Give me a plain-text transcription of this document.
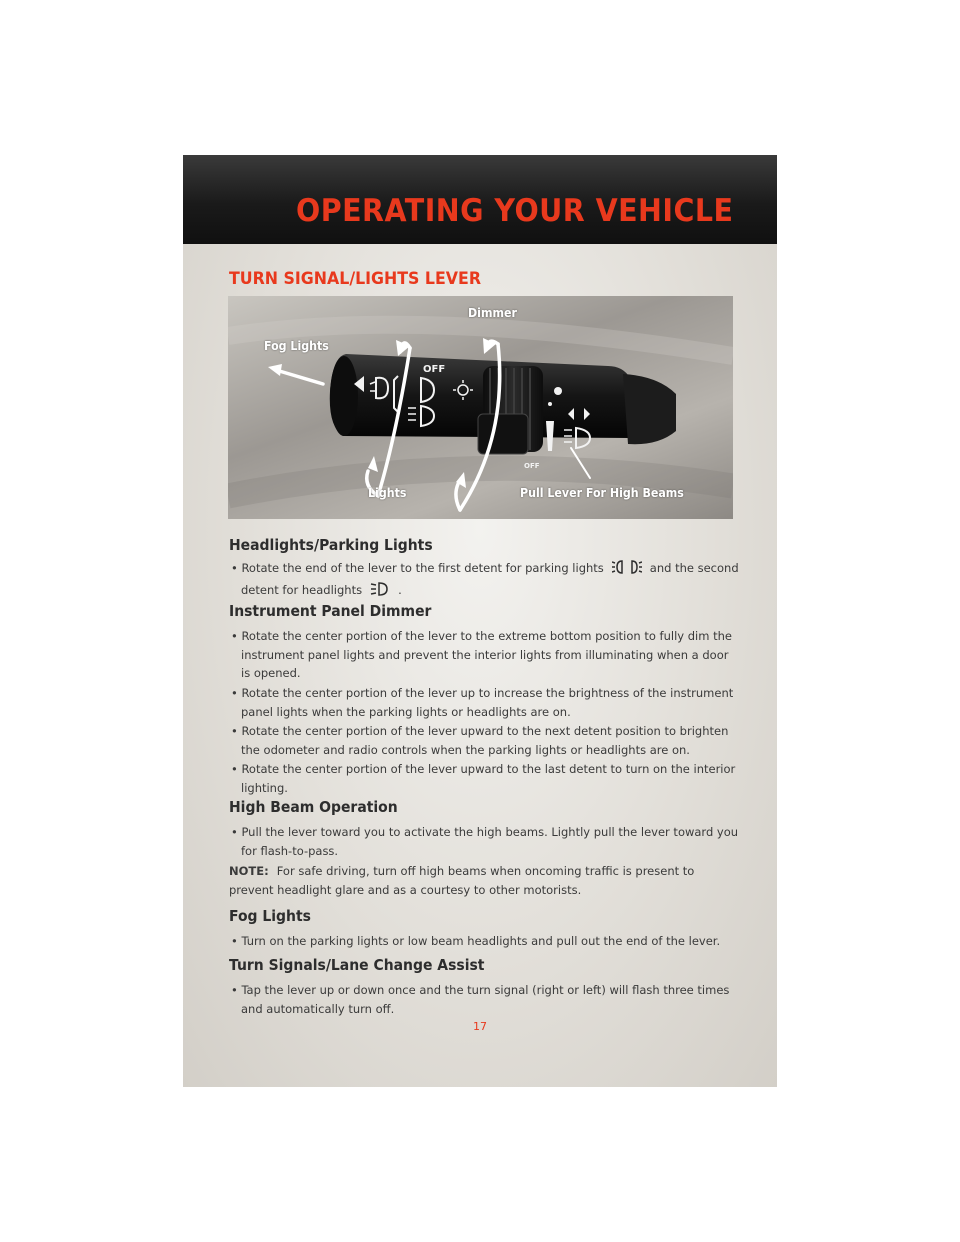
OPERATING YOUR VEHICLE
TURN SIGNAL/LIGHTS LEVER
OFF
OFF
Fog Lights
Dimmer
Lights	Pull Lever For High Beams
Headlights/Parking Lights

• Rotate the end of the lever to the first detent for parking lights	and the second detent for headlights	.

Instrument Panel Dimmer

• Rotate the center portion of the lever to the extreme bottom position to fully dim the instrument panel lights and prevent the interior lights from illuminating when a door is opened.

• Rotate the center portion of the lever up to increase the brightness of the instrument panel lights when the parking lights or headlights are on.

• Rotate the center portion of the lever upward to the next detent position to brighten the odometer and radio controls when the parking lights or headlights are on.

• Rotate the center portion of the lever upward to the last detent to turn on the interior lighting.

High Beam Operation

• Pull the lever toward you to activate the high beams. Lightly pull the lever toward you for flash-to-pass.

NOTE: For safe driving, turn off high beams when oncoming traffic is present to prevent headlight glare and as a courtesy to other motorists.

Fog Lights

• Turn on the parking lights or low beam headlights and pull out the end of the lever.

Turn Signals/Lane Change Assist

• Tap the lever up or down once and the turn signal (right or left) will flash three times and automatically turn off.

17
